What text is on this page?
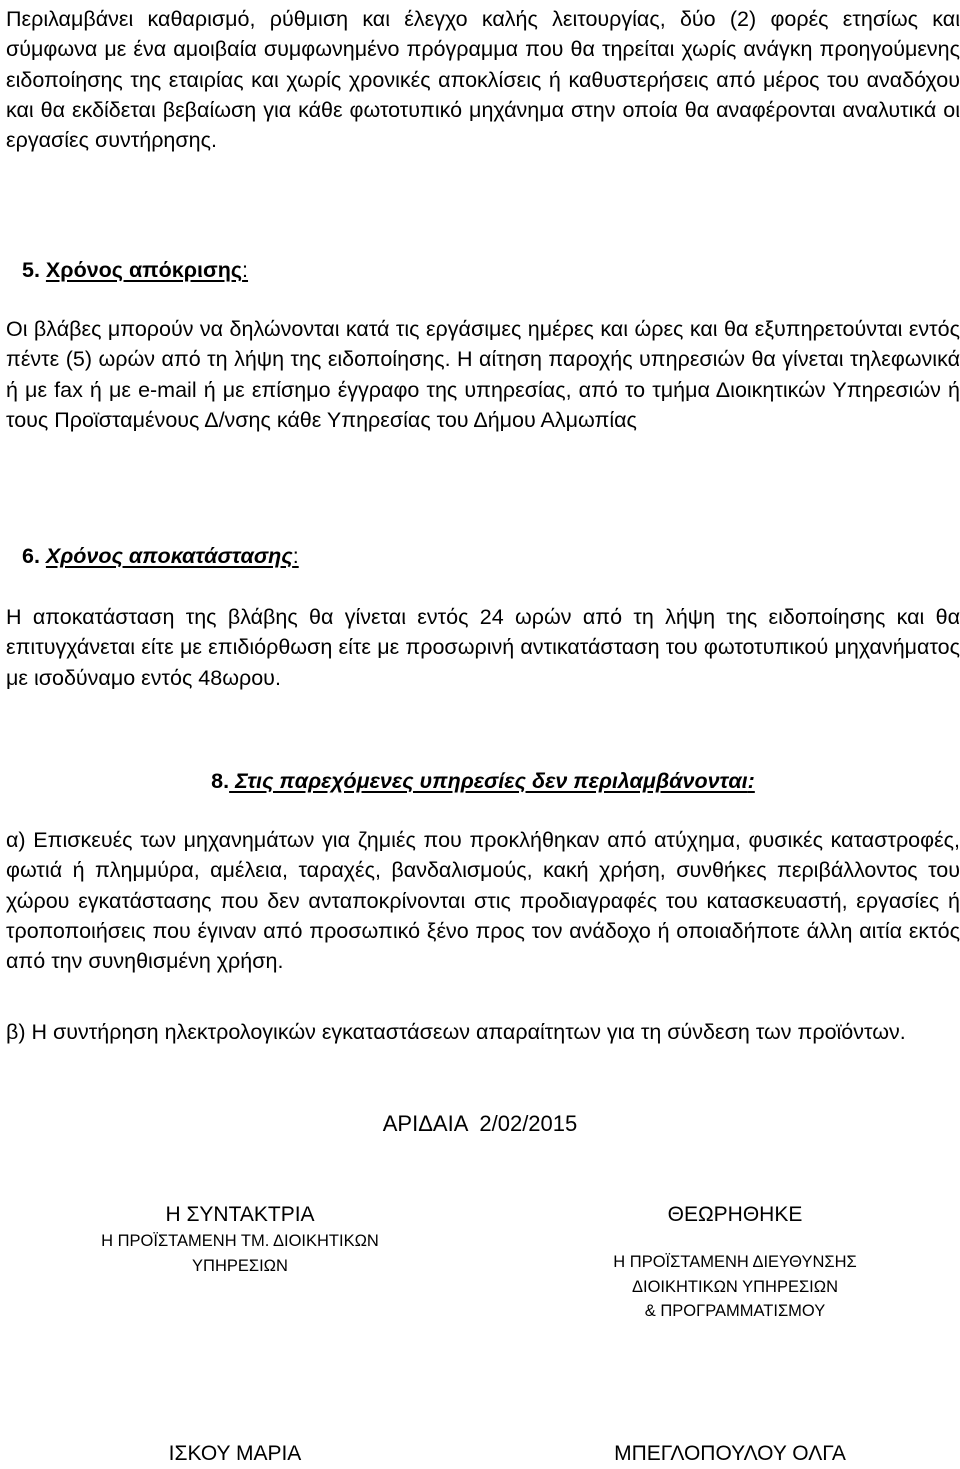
Περιλαμβάνει καθαρισμό, ρύθμιση και έλεγχο καλής λειτουργίας, δύο (2) φορές ετησίως και σύμφωνα με ένα αμοιβαία συμφωνημένο πρόγραμμα που θα τηρείται χωρίς ανάγκη προηγούμενης ειδοποίησης της εταιρίας και χωρίς χρονικές αποκλίσεις ή καθυστερήσεις από μέρος του αναδόχου και θα εκδίδεται βεβαίωση για κάθε φωτοτυπικό μηχάνημα στην οποία θα αναφέρονται αναλυτικά οι εργασίες συντήρησης.

5. Χρόνος απόκρισης:

Οι βλάβες μπορούν να δηλώνονται κατά τις εργάσιμες ημέρες και ώρες και θα εξυπηρετούνται εντός πέντε (5) ωρών από τη λήψη της ειδοποίησης. Η αίτηση παροχής υπηρεσιών θα γίνεται τηλεφωνικά ή με fax ή με e-mail ή με επίσημο έγγραφο της υπηρεσίας, από το τμήμα Διοικητικών Υπηρεσιών ή τους Προϊσταμένους Δ/νσης κάθε Υπηρεσίας του Δήμου Αλμωπίας

6. Χρόνος αποκατάστασης:

Η αποκατάσταση της βλάβης θα γίνεται εντός 24 ωρών από τη λήψη της ειδοποίησης και θα επιτυγχάνεται είτε με επιδιόρθωση είτε με προσωρινή αντικατάσταση του φωτοτυπικού μηχανήματος με ισοδύναμο εντός 48ωρου.

8. Στις παρεχόμενες υπηρεσίες δεν περιλαμβάνονται:

α) Επισκευές των μηχανημάτων για ζημιές που προκλήθηκαν από ατύχημα, φυσικές καταστροφές, φωτιά ή πλημμύρα, αμέλεια, ταραχές, βανδαλισμούς, κακή χρήση, συνθήκες περιβάλλοντος του χώρου εγκατάστασης που δεν ανταποκρίνονται στις προδιαγραφές του κατασκευαστή, εργασίες ή τροποποιήσεις που έγιναν από προσωπικό ξένο προς τον ανάδοχο ή οποιαδήποτε άλλη αιτία εκτός από την συνηθισμένη χρήση.

β) Η συντήρηση ηλεκτρολογικών εγκαταστάσεων απαραίτητων για τη σύνδεση των προϊόντων.

ΑΡΙΔΑΙΑ  2/02/2015

Η ΣΥΝΤΑΚΤΡΙΑ
Η ΠΡΟΪΣΤΑΜΕΝΗ ΤΜ. ΔΙΟΙΚΗΤΙΚΩΝ
ΥΠΗΡΕΣΙΩΝ
ΙΣΚΟΥ ΜΑΡΙΑ
ΘΕΩΡΗΘΗΚΕ
Η ΠΡΟΪΣΤΑΜΕΝΗ ΔΙΕΥΘΥΝΣΗΣ
ΔΙΟΙΚΗΤΙΚΩΝ ΥΠΗΡΕΣΙΩΝ
& ΠΡΟΓΡΑΜΜΑΤΙΣΜΟΥ
ΜΠΕΓΛΟΠΟΥΛΟΥ ΟΛΓΑ
